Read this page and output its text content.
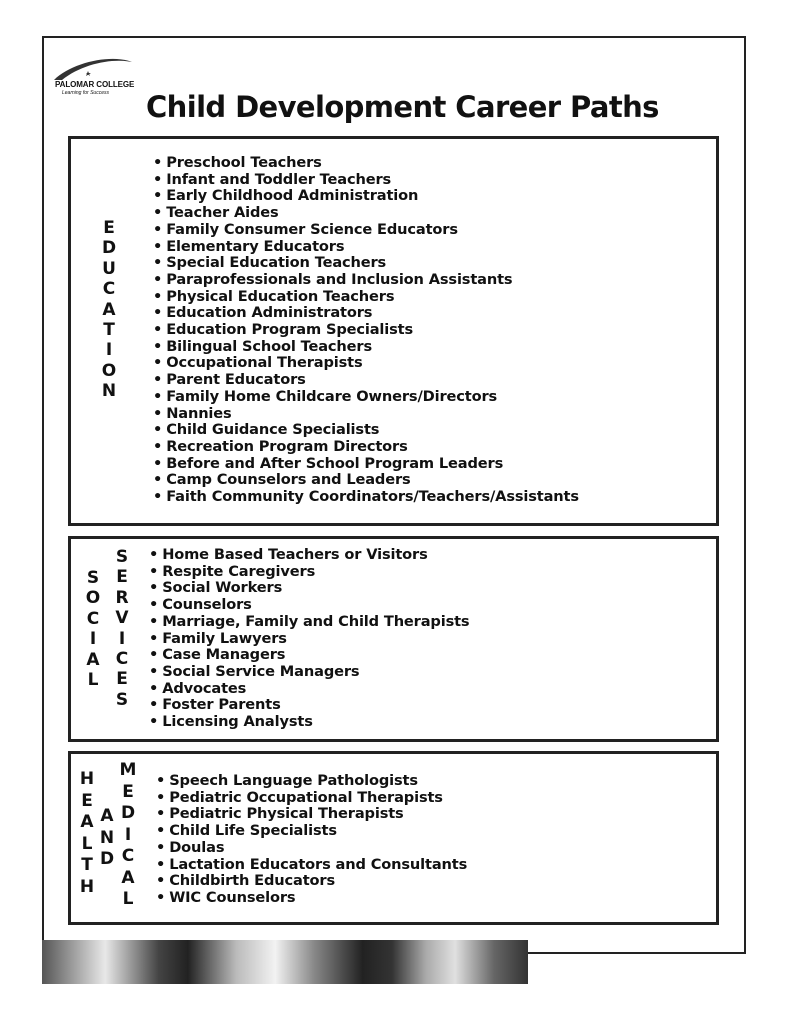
PALOMAR COLLEGE
Learning for Success Child Development Career Paths
E
D
U
C
A
T
I
O
N
• Preschool Teachers
• Infant and Toddler Teachers
• Early Childhood Administration
• Teacher Aides
• Family Consumer Science Educators
• Elementary Educators
• Special Education Teachers
• Paraprofessionals and Inclusion Assistants
• Physical Education Teachers
• Education Administrators
• Education Program Specialists
• Bilingual School Teachers
• Occupational Therapists
• Parent Educators
• Family Home Childcare Owners/Directors
• Nannies
• Child Guidance Specialists
• Recreation Program Directors
• Before and After School Program Leaders
• Camp Counselors and Leaders
• Faith Community Coordinators/Teachers/Assistants
S
O
C
I
A
L
S
E
R
V
I
C
E
S
• Home Based Teachers or Visitors
• Respite Caregivers
• Social Workers
• Counselors
• Marriage, Family and Child Therapists
• Family Lawyers
• Case Managers
• Social Service Managers
• Advocates
• Foster Parents
• Licensing Analysts
H
E
A
L
T
H
A
N
D
M
E
D
I
C
A
L
• Speech Language Pathologists
• Pediatric Occupational Therapists
• Pediatric Physical Therapists
• Child Life Specialists
• Doulas
• Lactation Educators and Consultants
• Childbirth Educators
• WIC Counselors
